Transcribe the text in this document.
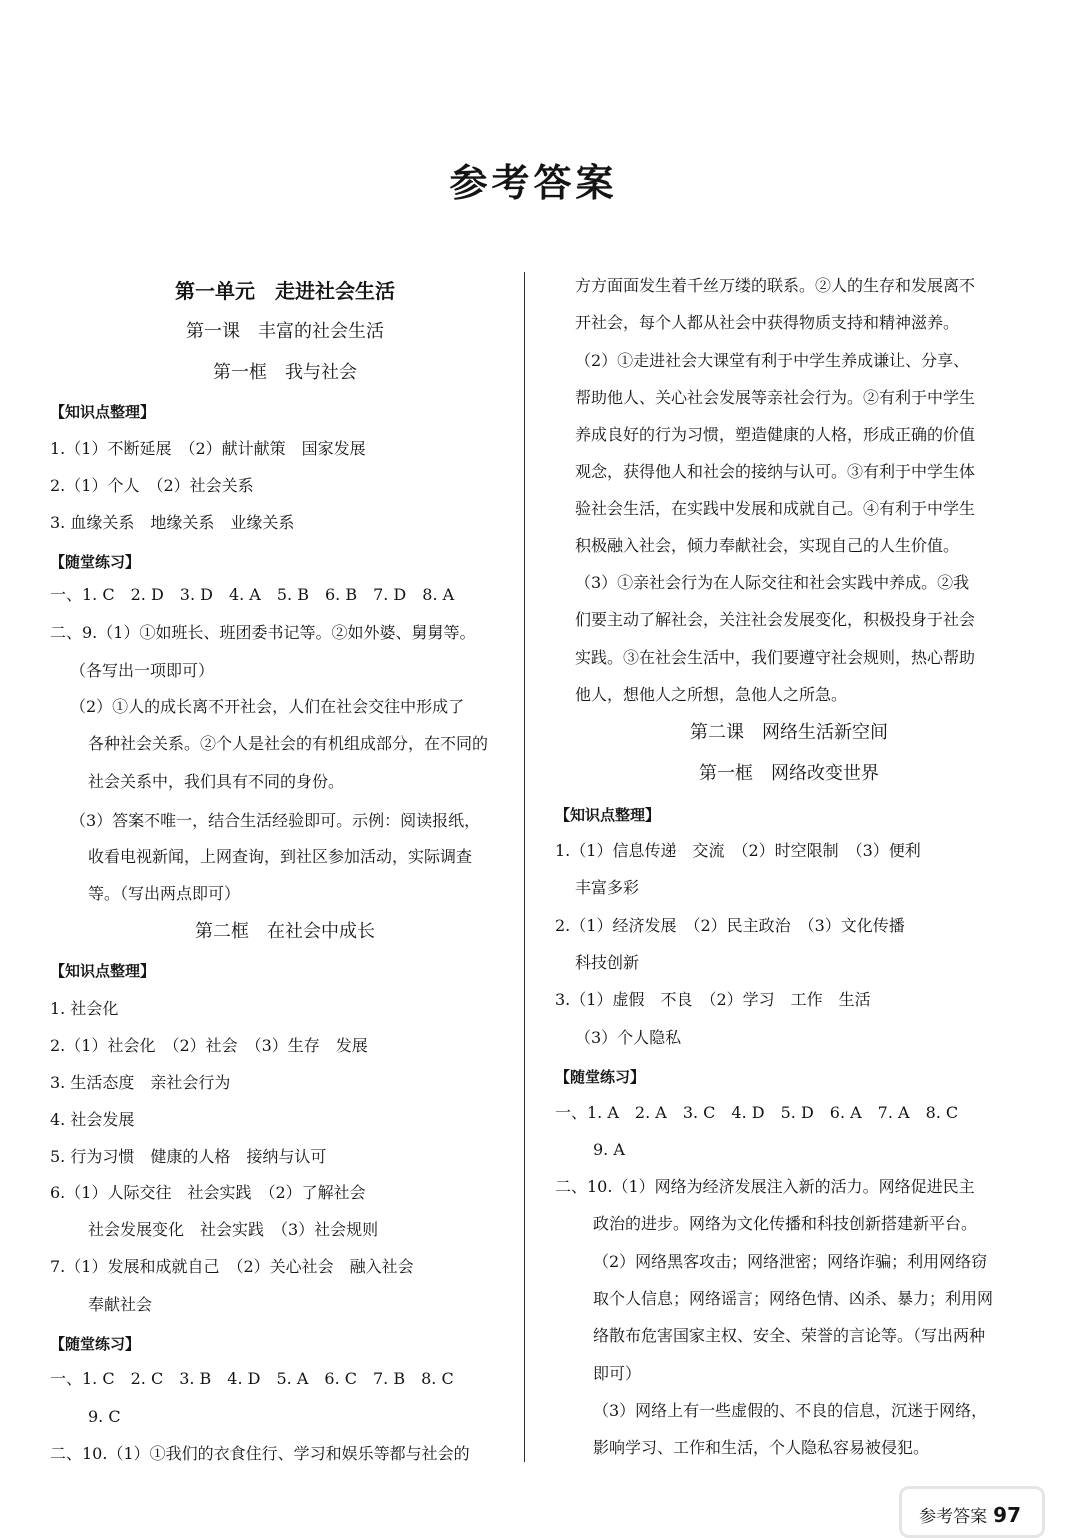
参考答案
第一单元　走进社会生活
第一课　丰富的社会生活
第一框　我与社会
【知识点整理】
1.（1）不断延展　（2）献计献策　国家发展
2.（1）个人　（2）社会关系
3. 血缘关系　地缘关系　业缘关系
【随堂练习】
一、1. C　2. D　3. D　4. A　5. B　6. B　7. D　8. A
二、9.（1）①如班长、班团委书记等。②如外婆、舅舅等。
（各写出一项即可）
（2）①人的成长离不开社会，人们在社会交往中形成了
各种社会关系。②个人是社会的有机组成部分，在不同的
社会关系中，我们具有不同的身份。
（3）答案不唯一，结合生活经验即可。示例：阅读报纸，
收看电视新闻，上网查询，到社区参加活动，实际调查
等。（写出两点即可）
第二框　在社会中成长
【知识点整理】
1. 社会化
2.（1）社会化　（2）社会　（3）生存　发展
3. 生活态度　亲社会行为
4. 社会发展
5. 行为习惯　健康的人格　接纳与认可
6.（1）人际交往　社会实践　（2）了解社会
社会发展变化　社会实践　（3）社会规则
7.（1）发展和成就自己　（2）关心社会　融入社会
奉献社会
【随堂练习】
一、1. C　2. C　3. B　4. D　5. A　6. C　7. B　8. C
9. C
二、10.（1）①我们的衣食住行、学习和娱乐等都与社会的
方方面面发生着千丝万缕的联系。②人的生存和发展离不
开社会，每个人都从社会中获得物质支持和精神滋养。
（2）①走进社会大课堂有利于中学生养成谦让、分享、
帮助他人、关心社会发展等亲社会行为。②有利于中学生
养成良好的行为习惯，塑造健康的人格，形成正确的价值
观念，获得他人和社会的接纳与认可。③有利于中学生体
验社会生活，在实践中发展和成就自己。④有利于中学生
积极融入社会，倾力奉献社会，实现自己的人生价值。
（3）①亲社会行为在人际交往和社会实践中养成。②我
们要主动了解社会，关注社会发展变化，积极投身于社会
实践。③在社会生活中，我们要遵守社会规则，热心帮助
他人，想他人之所想，急他人之所急。
第二课　网络生活新空间
第一框　网络改变世界
【知识点整理】
1.（1）信息传递　交流　（2）时空限制　（3）便利
丰富多彩
2.（1）经济发展　（2）民主政治　（3）文化传播
科技创新
3.（1）虚假　不良　（2）学习　工作　生活
（3）个人隐私
【随堂练习】
一、1. A　2. A　3. C　4. D　5. D　6. A　7. A　8. C
9. A
二、10.（1）网络为经济发展注入新的活力。网络促进民主
政治的进步。网络为文化传播和科技创新搭建新平台。
（2）网络黑客攻击；网络泄密；网络诈骗；利用网络窃
取个人信息；网络谣言；网络色情、凶杀、暴力；利用网
络散布危害国家主权、安全、荣誉的言论等。（写出两种
即可）
（3）网络上有一些虚假的、不良的信息，沉迷于网络，
影响学习、工作和生活，个人隐私容易被侵犯。
参考答案 97
